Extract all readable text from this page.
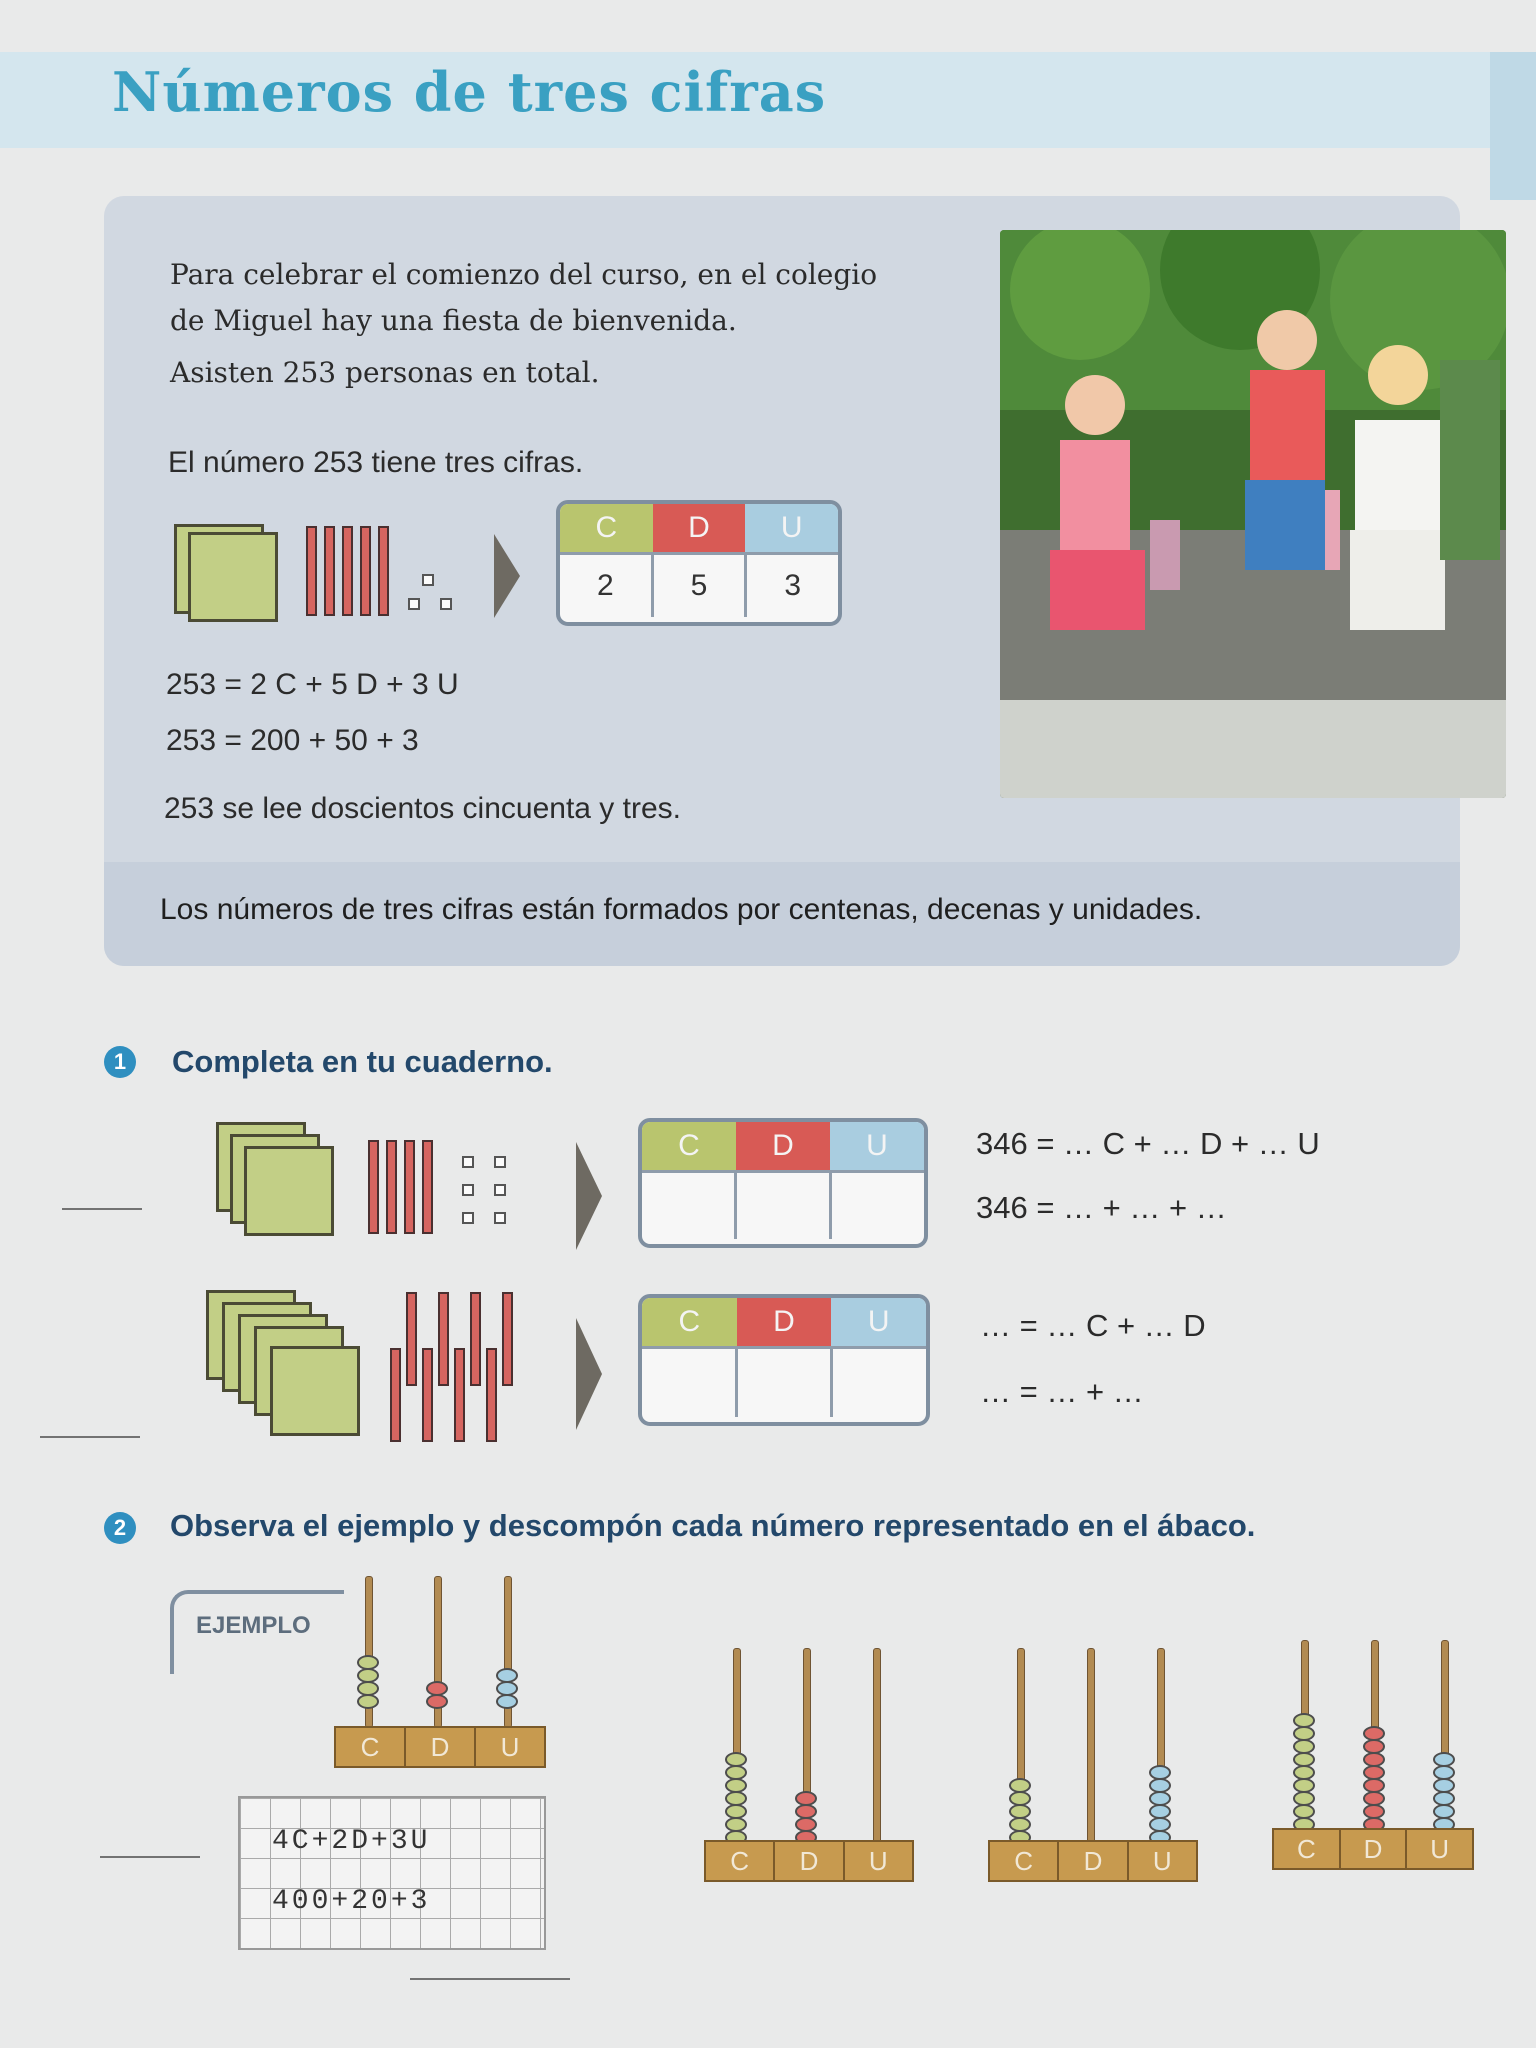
Números de tres cifras
Para celebrar el comienzo del curso, en el colegio
de Miguel hay una fiesta de bienvenida.
Asisten 253 personas en total.
El número 253 tiene tres cifras.
C	D	U
2	5	3
253 = 2 C + 5 D + 3 U
253 = 200 + 50 + 3
253 se lee doscientos cincuenta y tres.
Los números de tres cifras están formados por centenas, decenas y unidades.
1	Completa en tu cuaderno.
C	D	U	346 = … C + … D + … U
346 = … + … + …
C	D	U	… = … C + … D
… = … + …
2	Observa el ejemplo y descompón cada número representado en el ábaco.
EJEMPLO
C	D	U
4C+2D+3U
400+20+3
C	D	U	C	D	U	C	D	U
